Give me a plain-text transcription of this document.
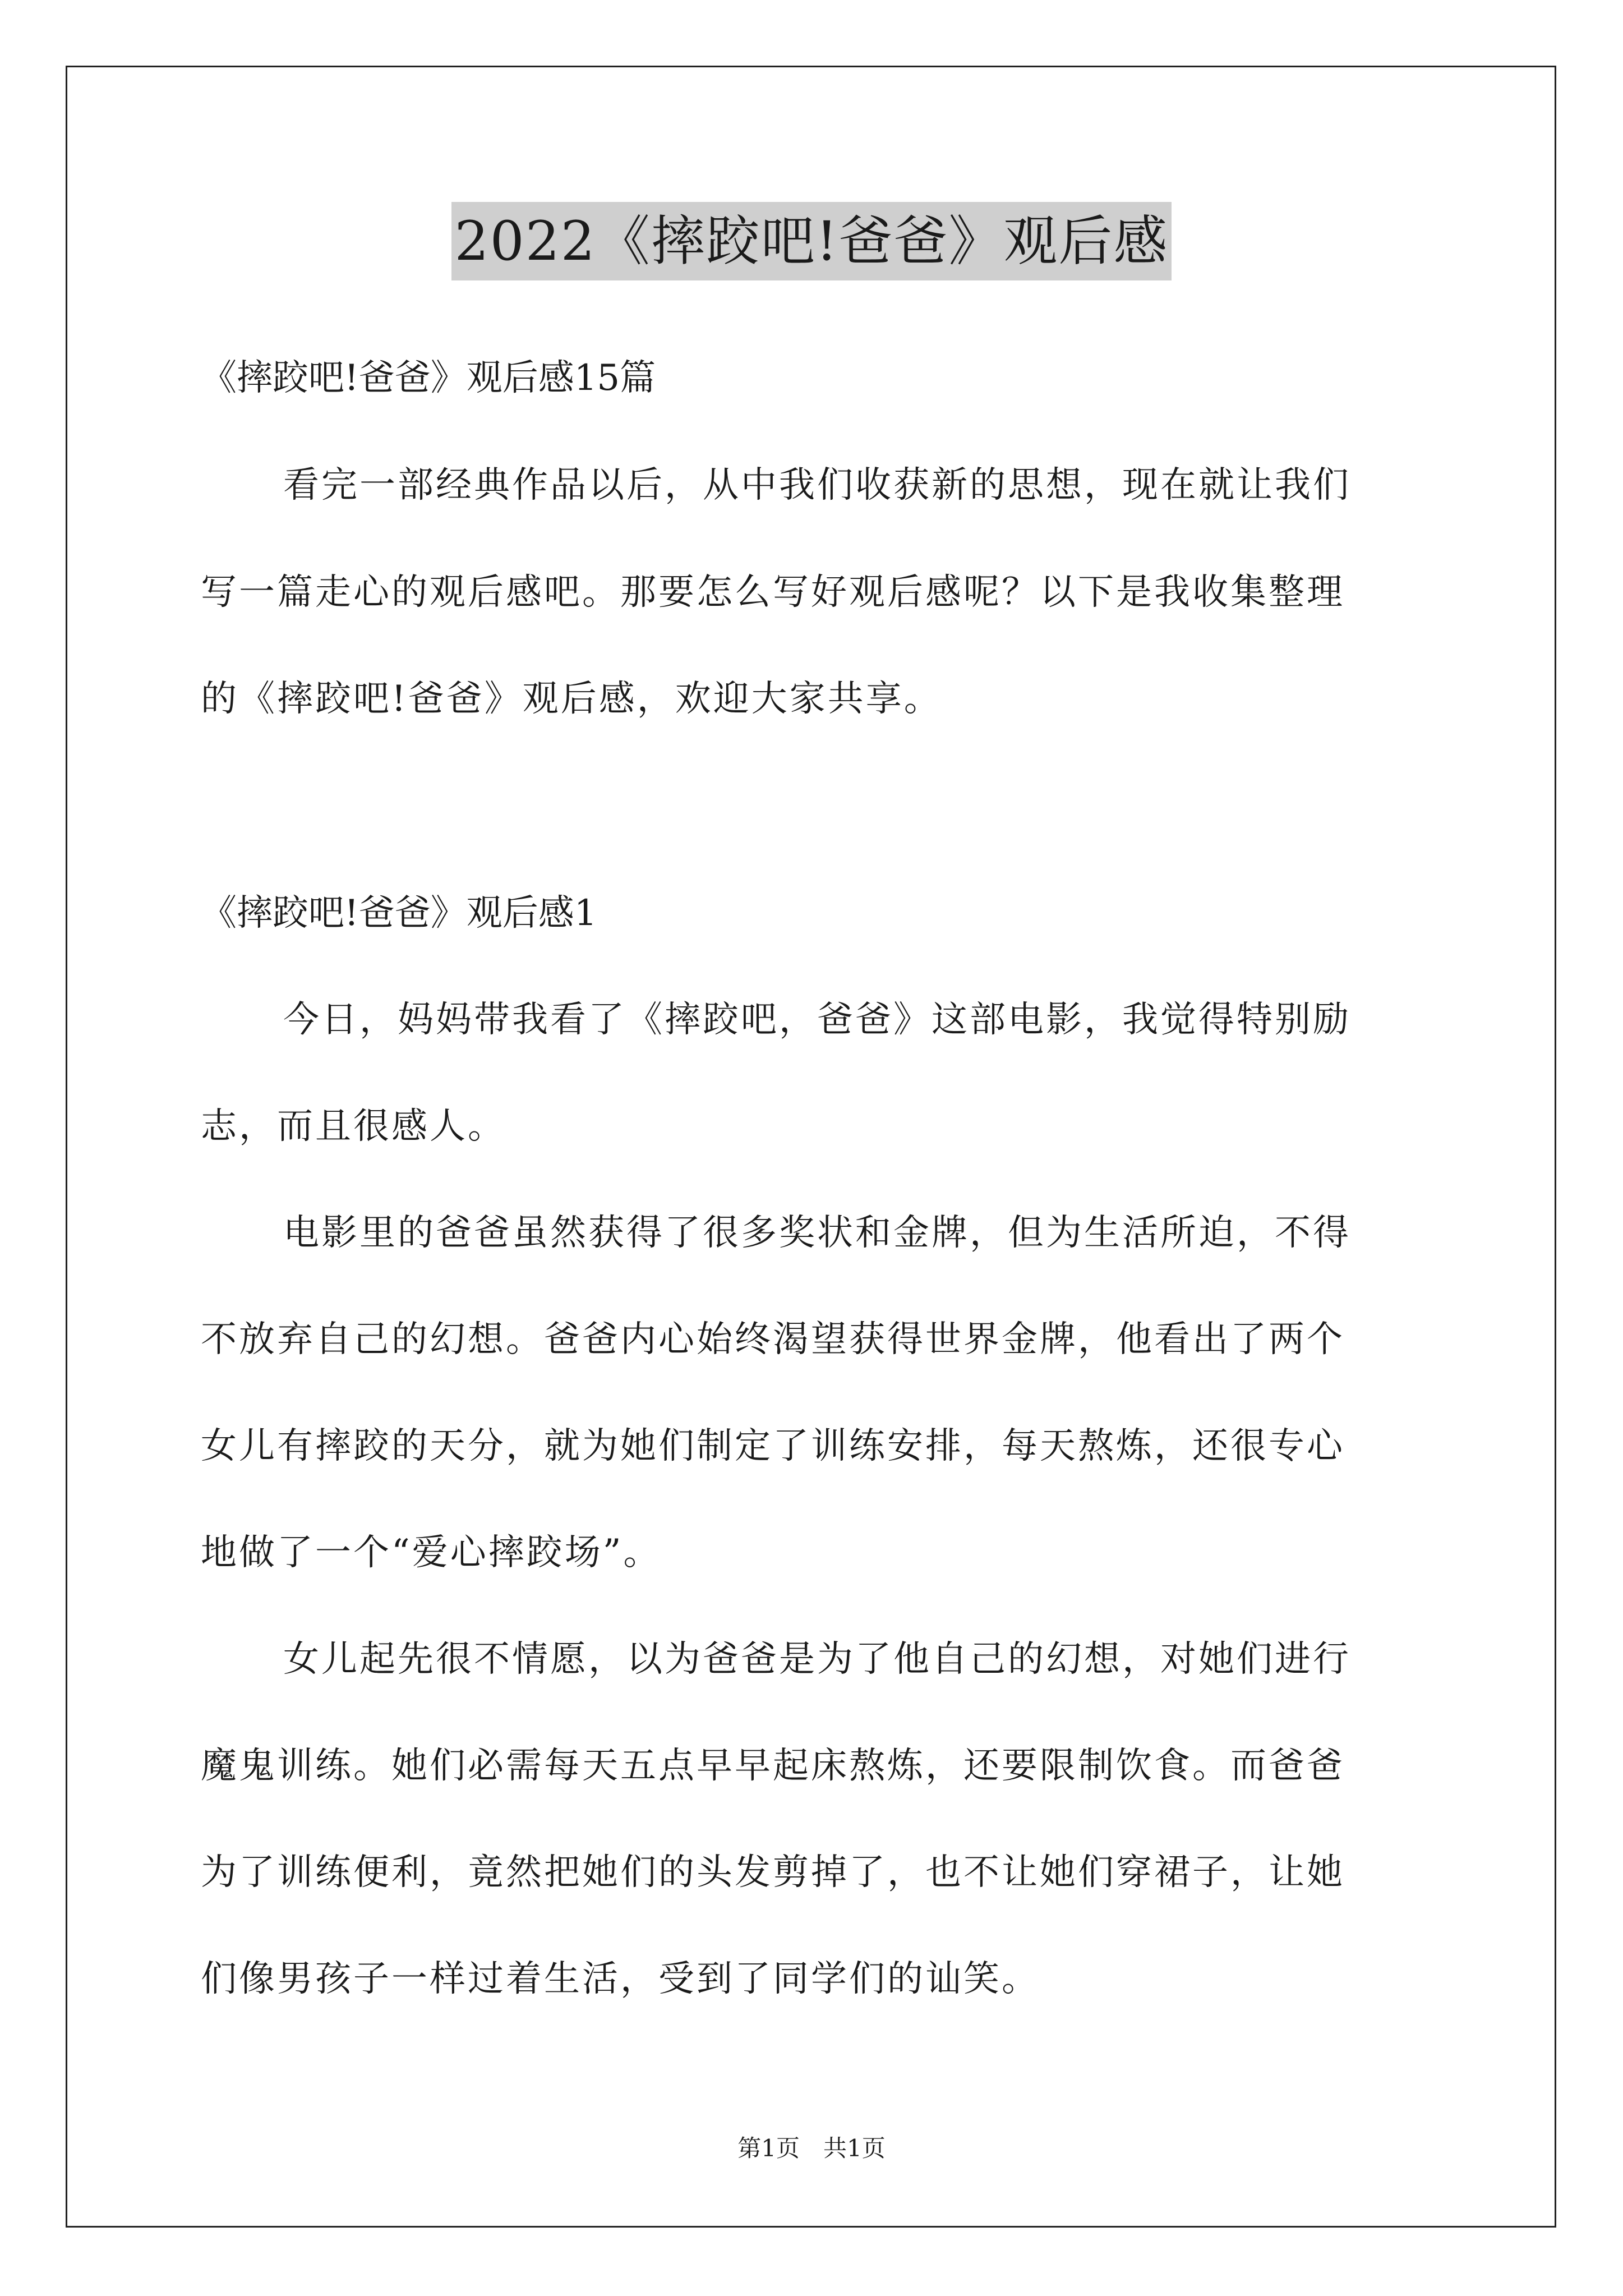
2022《摔跤吧!爸爸》观后感
《摔跤吧!爸爸》观后感15篇
看完一部经典作品以后，从中我们收获新的思想，现在就让我们
写一篇走心的观后感吧。那要怎么写好观后感呢？以下是我收集整理
的《摔跤吧!爸爸》观后感，欢迎大家共享。
《摔跤吧!爸爸》观后感1
今日，妈妈带我看了《摔跤吧，爸爸》这部电影，我觉得特别励
志，而且很感人。
电影里的爸爸虽然获得了很多奖状和金牌，但为生活所迫，不得
不放弃自己的幻想。爸爸内心始终渴望获得世界金牌，他看出了两个
女儿有摔跤的天分，就为她们制定了训练安排，每天熬炼，还很专心
地做了一个“爱心摔跤场”。
女儿起先很不情愿，以为爸爸是为了他自己的幻想，对她们进行
魔鬼训练。她们必需每天五点早早起床熬炼，还要限制饮食。而爸爸
为了训练便利，竟然把她们的头发剪掉了，也不让她们穿裙子，让她
们像男孩子一样过着生活，受到了同学们的讪笑。
第1页　共1页
